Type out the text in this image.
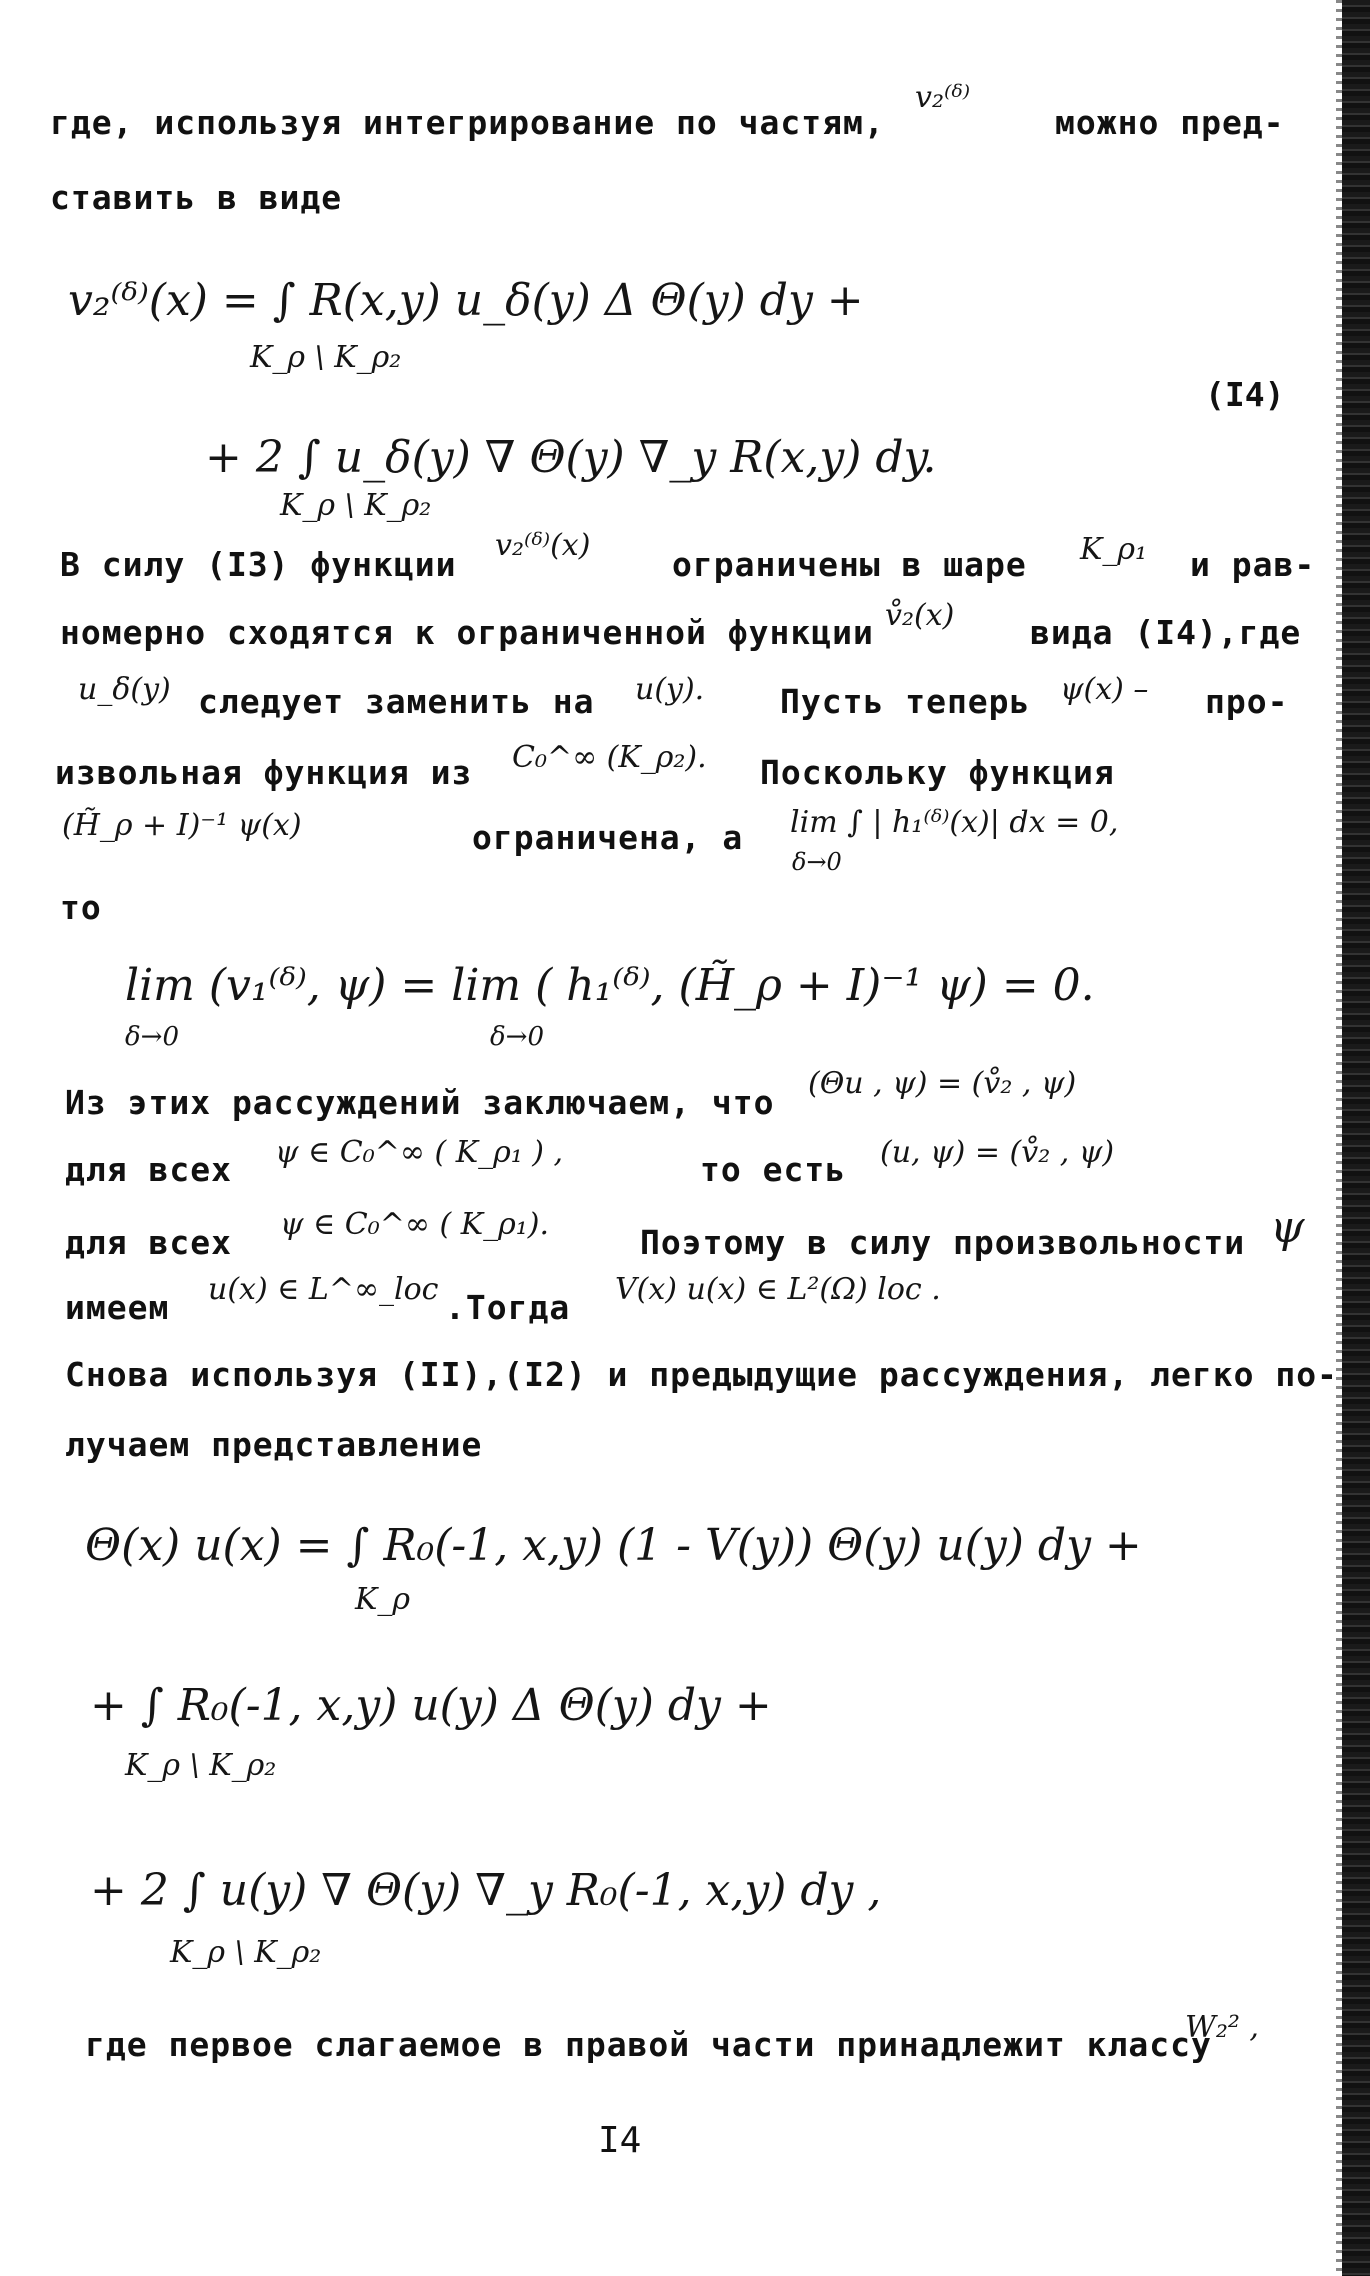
где, используя интегрирование по частям,
v₂⁽ᵟ⁾
можно пред-
ставить в виде
v₂⁽ᵟ⁾(x) = ∫ R(x,y) u_δ(y) Δ Θ(y) dy +
K_ρ \ K_ρ₂
(I4)
+ 2 ∫ u_δ(y) ∇ Θ(y) ∇_y R(x,y) dy.
K_ρ \ K_ρ₂
В силу (I3) функции v₂⁽ᵟ⁾(x) ограничены в шаре K_ρ₁ и рав-
номерно сходятся к ограниченной функции v̊₂(x) вида (I4),где
u_δ(y) следует заменить на u(y). Пусть теперь ψ(x) – про-
извольная функция из C₀^∞ (K_ρ₂). Поскольку функция
(H̃_ρ + I)⁻¹ ψ(x)	ограничена, а lim ∫ | h₁⁽ᵟ⁾(x)| dx = 0,
δ→0
то
lim (v₁⁽ᵟ⁾, ψ) = lim ( h₁⁽ᵟ⁾, (H̃_ρ + I)⁻¹ ψ) = 0.
δ→0	δ→0
Из этих рассуждений заключаем, что (Θu , ψ) = (v̊₂ , ψ)
для всех ψ ∈ C₀^∞ ( K_ρ₁ ) ,	то есть (u, ψ) = (v̊₂ , ψ)
для всех ψ ∈ C₀^∞ ( K_ρ₁).	Поэтому в силу произвольности ψ
имеем u(x) ∈ L^∞_loc .Тогда V(x) u(x) ∈ L²(Ω) loc .
Снова используя (II),(I2) и предыдущие рассуждения, легко по-
лучаем представление
Θ(x) u(x) = ∫ R₀(-1, x,y) (1 - V(y)) Θ(y) u(y) dy +
K_ρ
+ ∫ R₀(-1, x,y) u(y) Δ Θ(y) dy +
K_ρ \ K_ρ₂
+ 2 ∫ u(y) ∇ Θ(y) ∇_y R₀(-1, x,y) dy ,
K_ρ \ K_ρ₂
где первое слагаемое в правой части принадлежит классу
W₂² ,
I4
